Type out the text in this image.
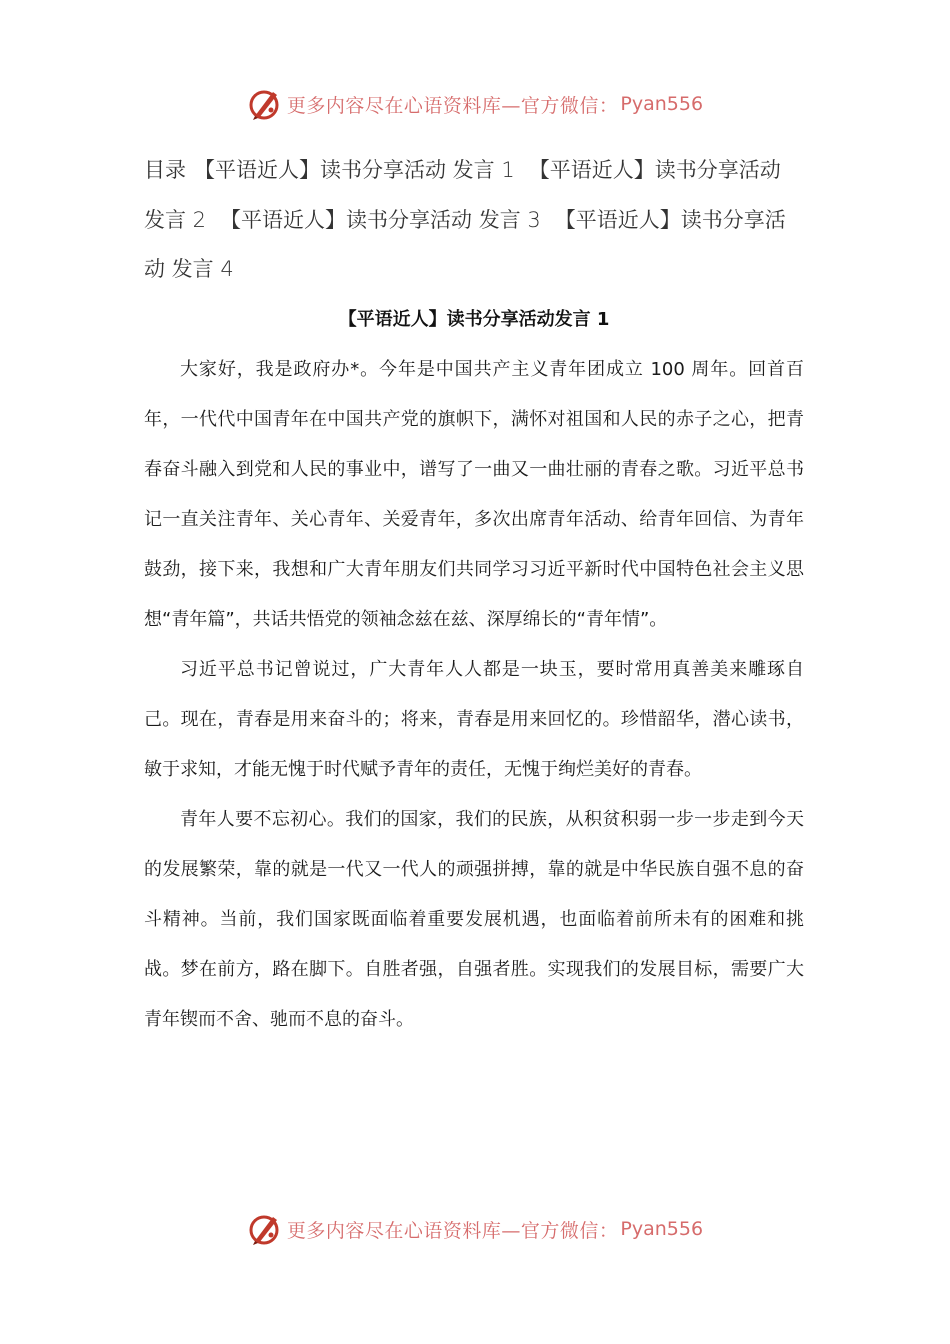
更多内容尽在心语资料库—官方微信： Pyan556

目录 【平语近人】读书分享活动 发言 1 【平语近人】读书分享活动 发言 2 【平语近人】读书分享活动 发言 3 【平语近人】读书分享活动 发言 4

【平语近人】读书分享活动发言 1

大家好，我是政府办*。今年是中国共产主义青年团成立 100 周年。回首百年，一代代中国青年在中国共产党的旗帜下，满怀对祖国和人民的赤子之心，把青春奋斗融入到党和人民的事业中，谱写了一曲又一曲壮丽的青春之歌。习近平总书记一直关注青年、关心青年、关爱青年，多次出席青年活动、给青年回信、为青年鼓劲，接下来，我想和广大青年朋友们共同学习习近平新时代中国特色社会主义思想“青年篇”，共话共悟党的领袖念兹在兹、深厚绵长的“青年情”。

习近平总书记曾说过，广大青年人人都是一块玉，要时常用真善美来雕琢自己。现在，青春是用来奋斗的；将来，青春是用来回忆的。珍惜韶华，潜心读书，敏于求知，才能无愧于时代赋予青年的责任，无愧于绚烂美好的青春。

青年人要不忘初心。我们的国家，我们的民族，从积贫积弱一步一步走到今天的发展繁荣，靠的就是一代又一代人的顽强拼搏，靠的就是中华民族自强不息的奋斗精神。当前，我们国家既面临着重要发展机遇，也面临着前所未有的困难和挑战。梦在前方，路在脚下。自胜者强，自强者胜。实现我们的发展目标，需要广大青年锲而不舍、驰而不息的奋斗。

更多内容尽在心语资料库—官方微信： Pyan556
